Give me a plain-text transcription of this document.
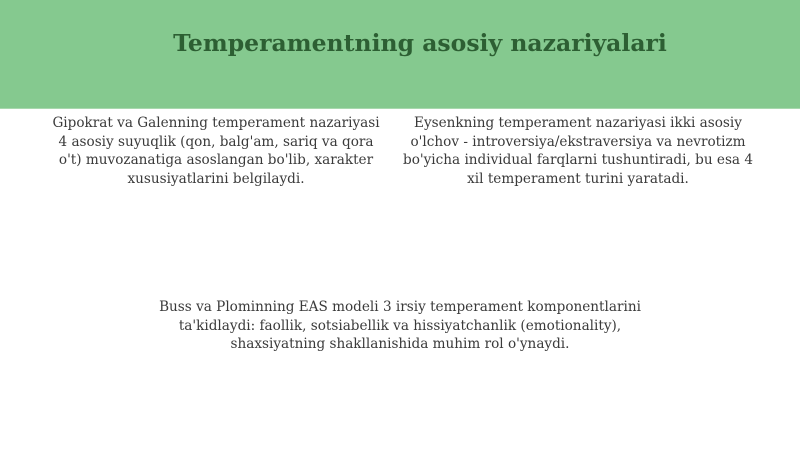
Temperamentning asosiy nazariyalari

Gipokrat va Galenning temperament nazariyasi 4 asosiy suyuqlik (qon, balg'am, sariq va qora o't) muvozanatiga asoslangan bo'lib, xarakter xususiyatlarini belgilaydi.

Eysenkning temperament nazariyasi ikki asosiy o'lchov - introversiya/ekstraversiya va nevrotizm bo'yicha individual farqlarni tushuntiradi, bu esa 4 xil temperament turini yaratadi.

Buss va Plominning EAS modeli 3 irsiy temperament komponentlarini ta'kidlaydi: faollik, sotsiabellik va hissiyatchanlik (emotionality), shaxsiyatning shakllanishida muhim rol o'ynaydi.
